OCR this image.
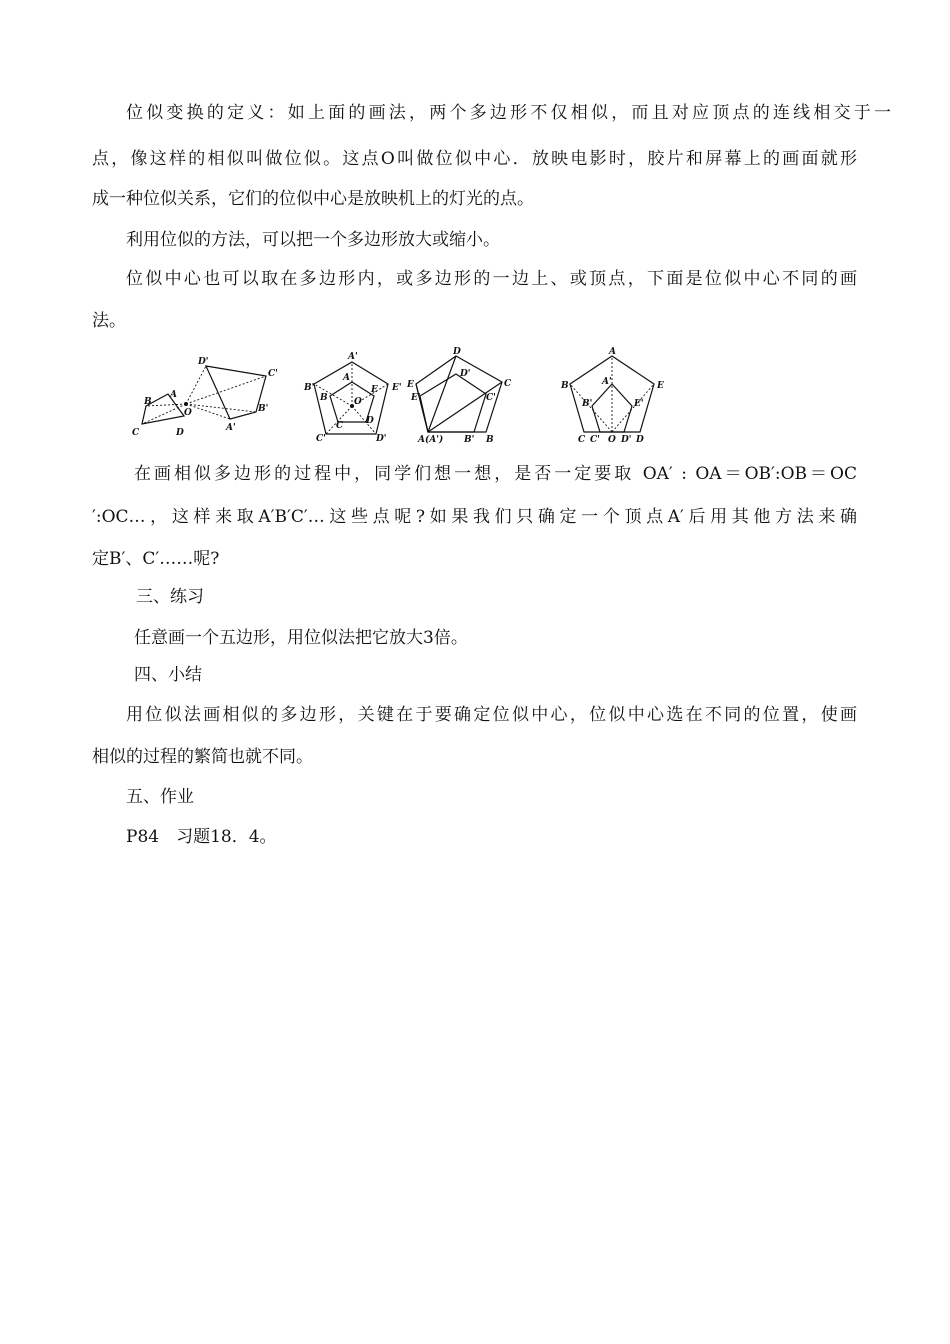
位似变换的定义：如上面的画法，两个多边形不仅相似，而且对应顶点的连线相交于一
点，像这样的相似叫做位似。这点O叫做位似中心．放映电影时，胶片和屏幕上的画面就形
成一种位似关系，它们的位似中心是放映机上的灯光的点。
利用位似的方法，可以把一个多边形放大或缩小。
位似中心也可以取在多边形内，或多边形的一边上、或顶点，下面是位似中心不同的画
法。
D'
C'
A
B
O	B'
A'
C	D
A'
B'
A
E E'
B	O
C	D
C'	D'
D
D'
C
E
E'	C'
A(A') B' B
A
B	E
A'
B'	E'
C C' O D' D
在画相似多边形的过程中，同学们想一想，是否一定要取 OA′ : OA＝OB′:OB＝OC
′:OC…，这样来取A′B′C′…这些点呢?如果我们只确定一个顶点A′后用其他方法来确
定B′、C′……呢?
三、练习
任意画一个五边形，用位似法把它放大3倍。
四、小结
用位似法画相似的多边形，关键在于要确定位似中心，位似中心选在不同的位置，使画
相似的过程的繁简也就不同。
五、作业
P84　习题18．4。
